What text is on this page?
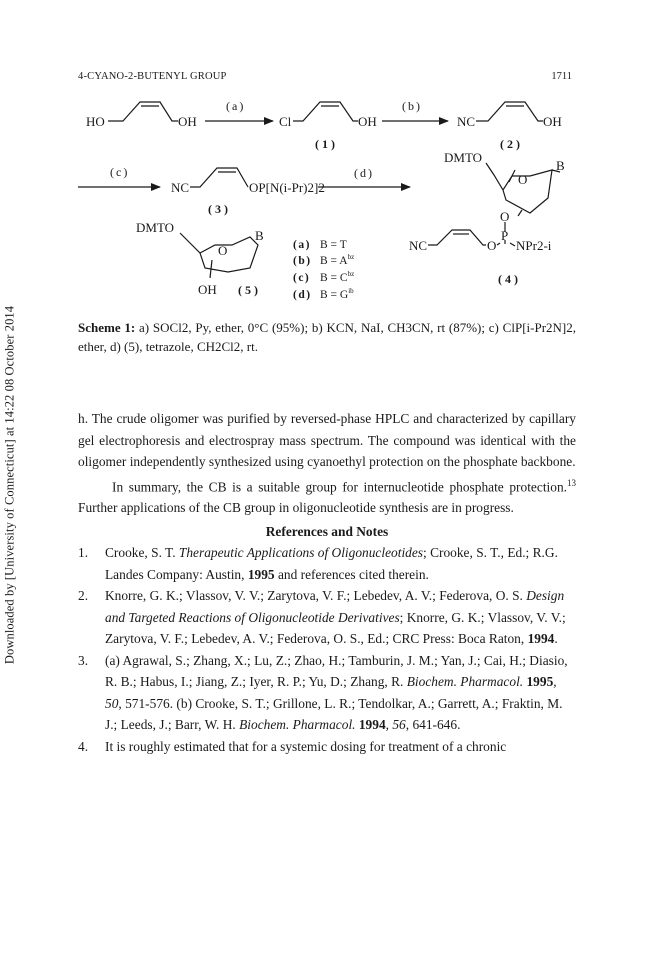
Downloaded by [University of Connecticut] at 14:22 08 October 2014
4-CYANO-2-BUTENYL GROUP	1711
HO	OH
(a)
Cl	OH
(1)
(b)
NC	OH
(2)
(c)
NC	OP[N(i-Pr)2]2
(3)
(d)
DMTO
B
O
O
P
NC	O NPr2-i
(4)
DMTO
O
B
OH (5)
(a) B = T
(b) $B = A^{bz}$
(c) $B = C^{bz}$
(d) $B = G^{ib}$
Scheme 1: a) SOCl2, Py, ether, 0°C (95%); b) KCN, NaI, CH3CN, rt (87%); c) ClP[i-Pr2N]2, ether, d) (5), tetrazole, CH2Cl2, rt.

h. The crude oligomer was purified by reversed-phase HPLC and characterized by capillary gel electrophoresis and electrospray mass spectrum. The compound was identical with the oligomer independently synthesized using cyanoethyl protection on the phosphate backbone.

In summary, the CB is a suitable group for internucleotide phosphate protection.$^{13}$ Further applications of the CB group in oligonucleotide synthesis are in progress.

References and Notes
1. Crooke, S. T. Therapeutic Applications of Oligonucleotides; Crooke, S. T., Ed.; R.G. Landes Company: Austin, 1995 and references cited therein.
2. Knorre, G. K.; Vlassov, V. V.; Zarytova, V. F.; Lebedev, A. V.; Federova, O. S. Design and Targeted Reactions of Oligonucleotide Derivatives; Knorre, G. K.; Vlassov, V. V.; Zarytova, V. F.; Lebedev, A. V.; Federova, O. S., Ed.; CRC Press: Boca Raton, 1994.
3. (a) Agrawal, S.; Zhang, X.; Lu, Z.; Zhao, H.; Tamburin, J. M.; Yan, J.; Cai, H.; Diasio, R. B.; Habus, I.; Jiang, Z.; Iyer, R. P.; Yu, D.; Zhang, R. Biochem. Pharmacol. 1995, 50, 571-576. (b) Crooke, S. T.; Grillone, L. R.; Tendolkar, A.; Garrett, A.; Fraktin, M. J.; Leeds, J.; Barr, W. H. Biochem. Pharmacol. 1994, 56, 641-646.
4. It is roughly estimated that for a systemic dosing for treatment of a chronic
